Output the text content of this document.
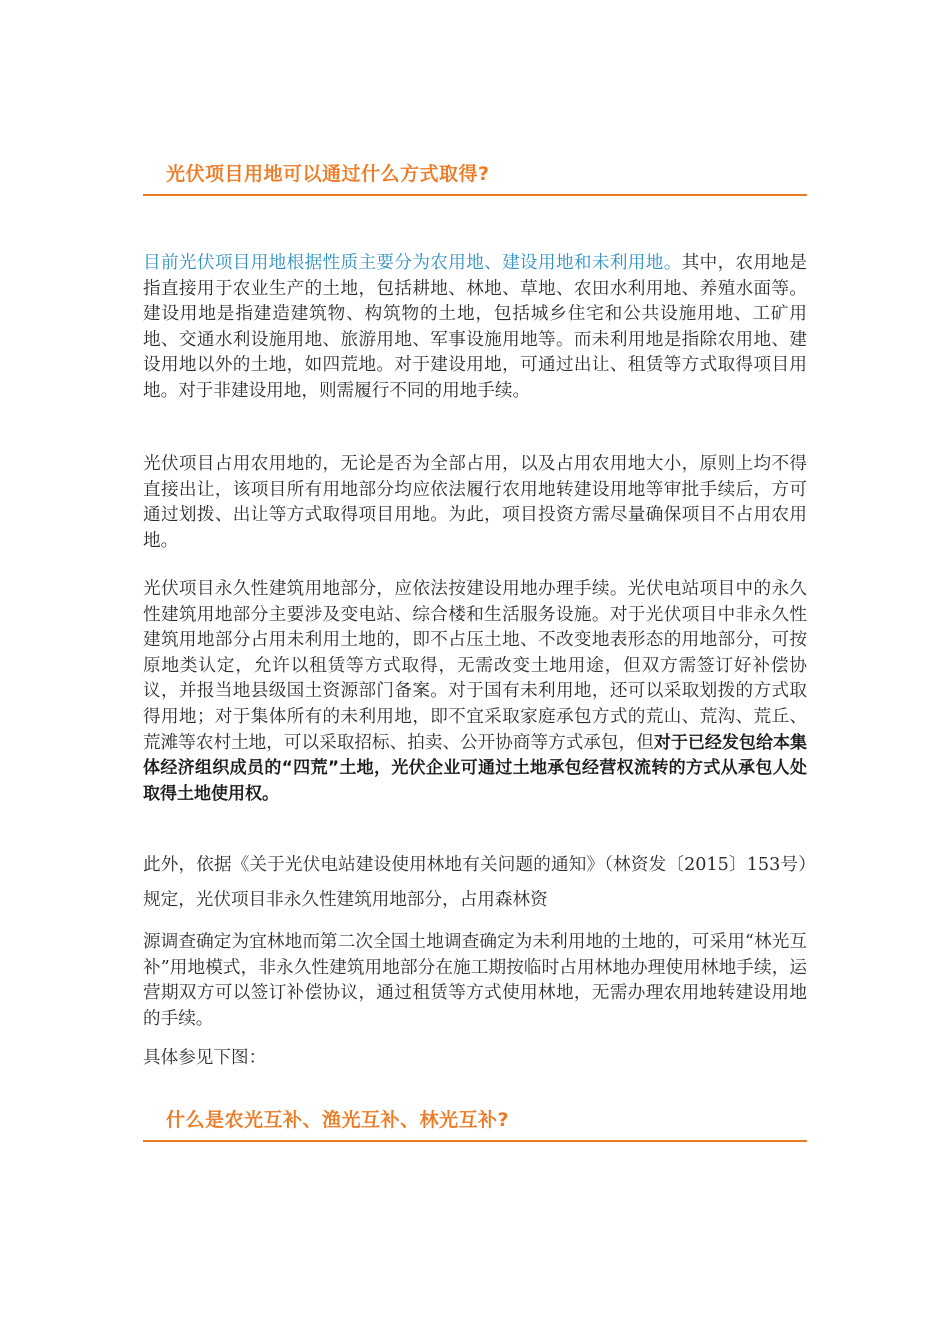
光伏项目用地可以通过什么方式取得?

目前光伏项目用地根据性质主要分为农用地、建设用地和未利用地。其中，农用地是指直接用于农业生产的土地，包括耕地、林地、草地、农田水利用地、养殖水面等。建设用地是指建造建筑物、构筑物的土地，包括城乡住宅和公共设施用地、工矿用地、交通水利设施用地、旅游用地、军事设施用地等。而未利用地是指除农用地、建设用地以外的土地，如四荒地。对于建设用地，可通过出让、租赁等方式取得项目用地。对于非建设用地，则需履行不同的用地手续。

光伏项目占用农用地的，无论是否为全部占用，以及占用农用地大小，原则上均不得直接出让，该项目所有用地部分均应依法履行农用地转建设用地等审批手续后，方可通过划拨、出让等方式取得项目用地。为此，项目投资方需尽量确保项目不占用农用地。

光伏项目永久性建筑用地部分，应依法按建设用地办理手续。光伏电站项目中的永久性建筑用地部分主要涉及变电站、综合楼和生活服务设施。对于光伏项目中非永久性建筑用地部分占用未利用土地的，即不占压土地、不改变地表形态的用地部分，可按原地类认定，允许以租赁等方式取得，无需改变土地用途，但双方需签订好补偿协议，并报当地县级国土资源部门备案。对于国有未利用地，还可以采取划拨的方式取得用地；对于集体所有的未利用地，即不宜采取家庭承包方式的荒山、荒沟、荒丘、荒滩等农村土地，可以采取招标、拍卖、公开协商等方式承包，但对于已经发包给本集体经济组织成员的“四荒”土地，光伏企业可通过土地承包经营权流转的方式从承包人处取得土地使用权。

此外，依据《关于光伏电站建设使用林地有关问题的通知》（林资发〔2015〕153号）规定，光伏项目非永久性建筑用地部分，占用森林资

源调查确定为宜林地而第二次全国土地调查确定为未利用地的土地的，可采用“林光互补”用地模式，非永久性建筑用地部分在施工期按临时占用林地办理使用林地手续，运营期双方可以签订补偿协议，通过租赁等方式使用林地，无需办理农用地转建设用地的手续。

具体参见下图：

什么是农光互补、渔光互补、林光互补?
